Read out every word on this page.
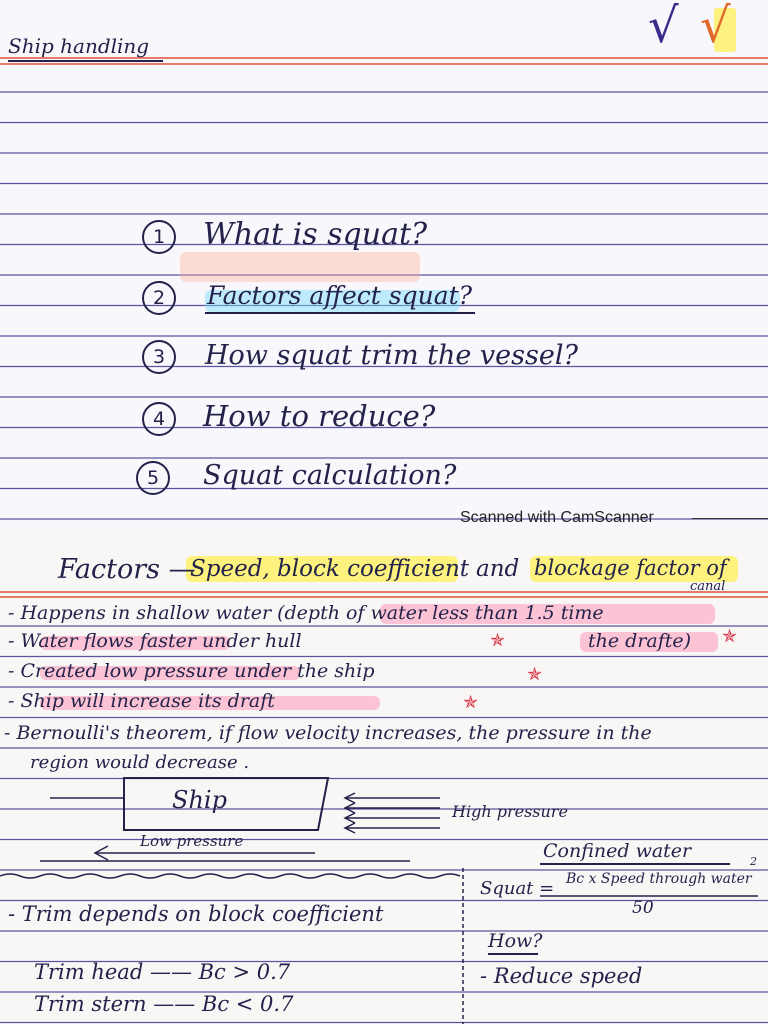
Ship handling	√ √
1	What is squat?
2	Factors affect squat?
3	How squat trim the vessel?
4	How to reduce?
5	Squat calculation?
Scanned with CamScanner
Factors —
Speed, block coefficient and blockage factor of
canal
- Happens in shallow water (depth of water less than 1.5 time
- Water flows faster under hull	the drafte)
- Created low pressure under the ship
- Ship will increase its draft
- Bernoulli's theorem, if flow velocity increases, the pressure in the
region would decrease .
✯	✯
✯
✯
Ship	High pressure
Low pressure	Confined water
Squat = Bc x Speed through water
2
50
How?
- Reduce speed
- Trim depends on block coefficient
Trim head —— Bc > 0.7
Trim stern —— Bc < 0.7
